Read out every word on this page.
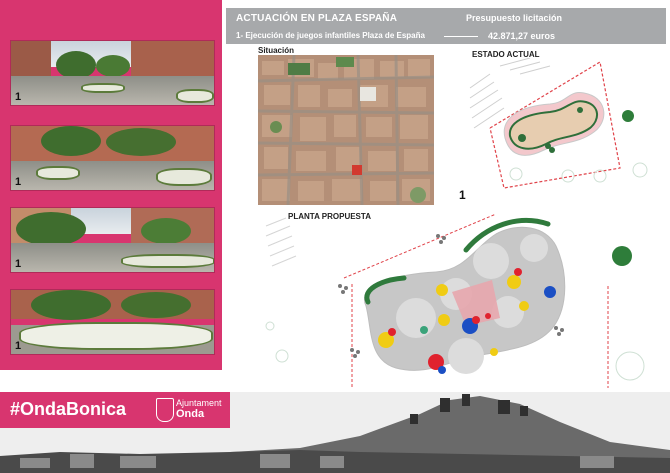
1
1
1
1
ACTUACIÓN EN PLAZA ESPAÑA
1- Ejecución de juegos infantiles Plaza de España
Presupuesto licitación
42.871,27 euros
Situación
1
ESTADO ACTUAL
PLANTA PROPUESTA
#OndaBonica	Ajuntament
Onda
